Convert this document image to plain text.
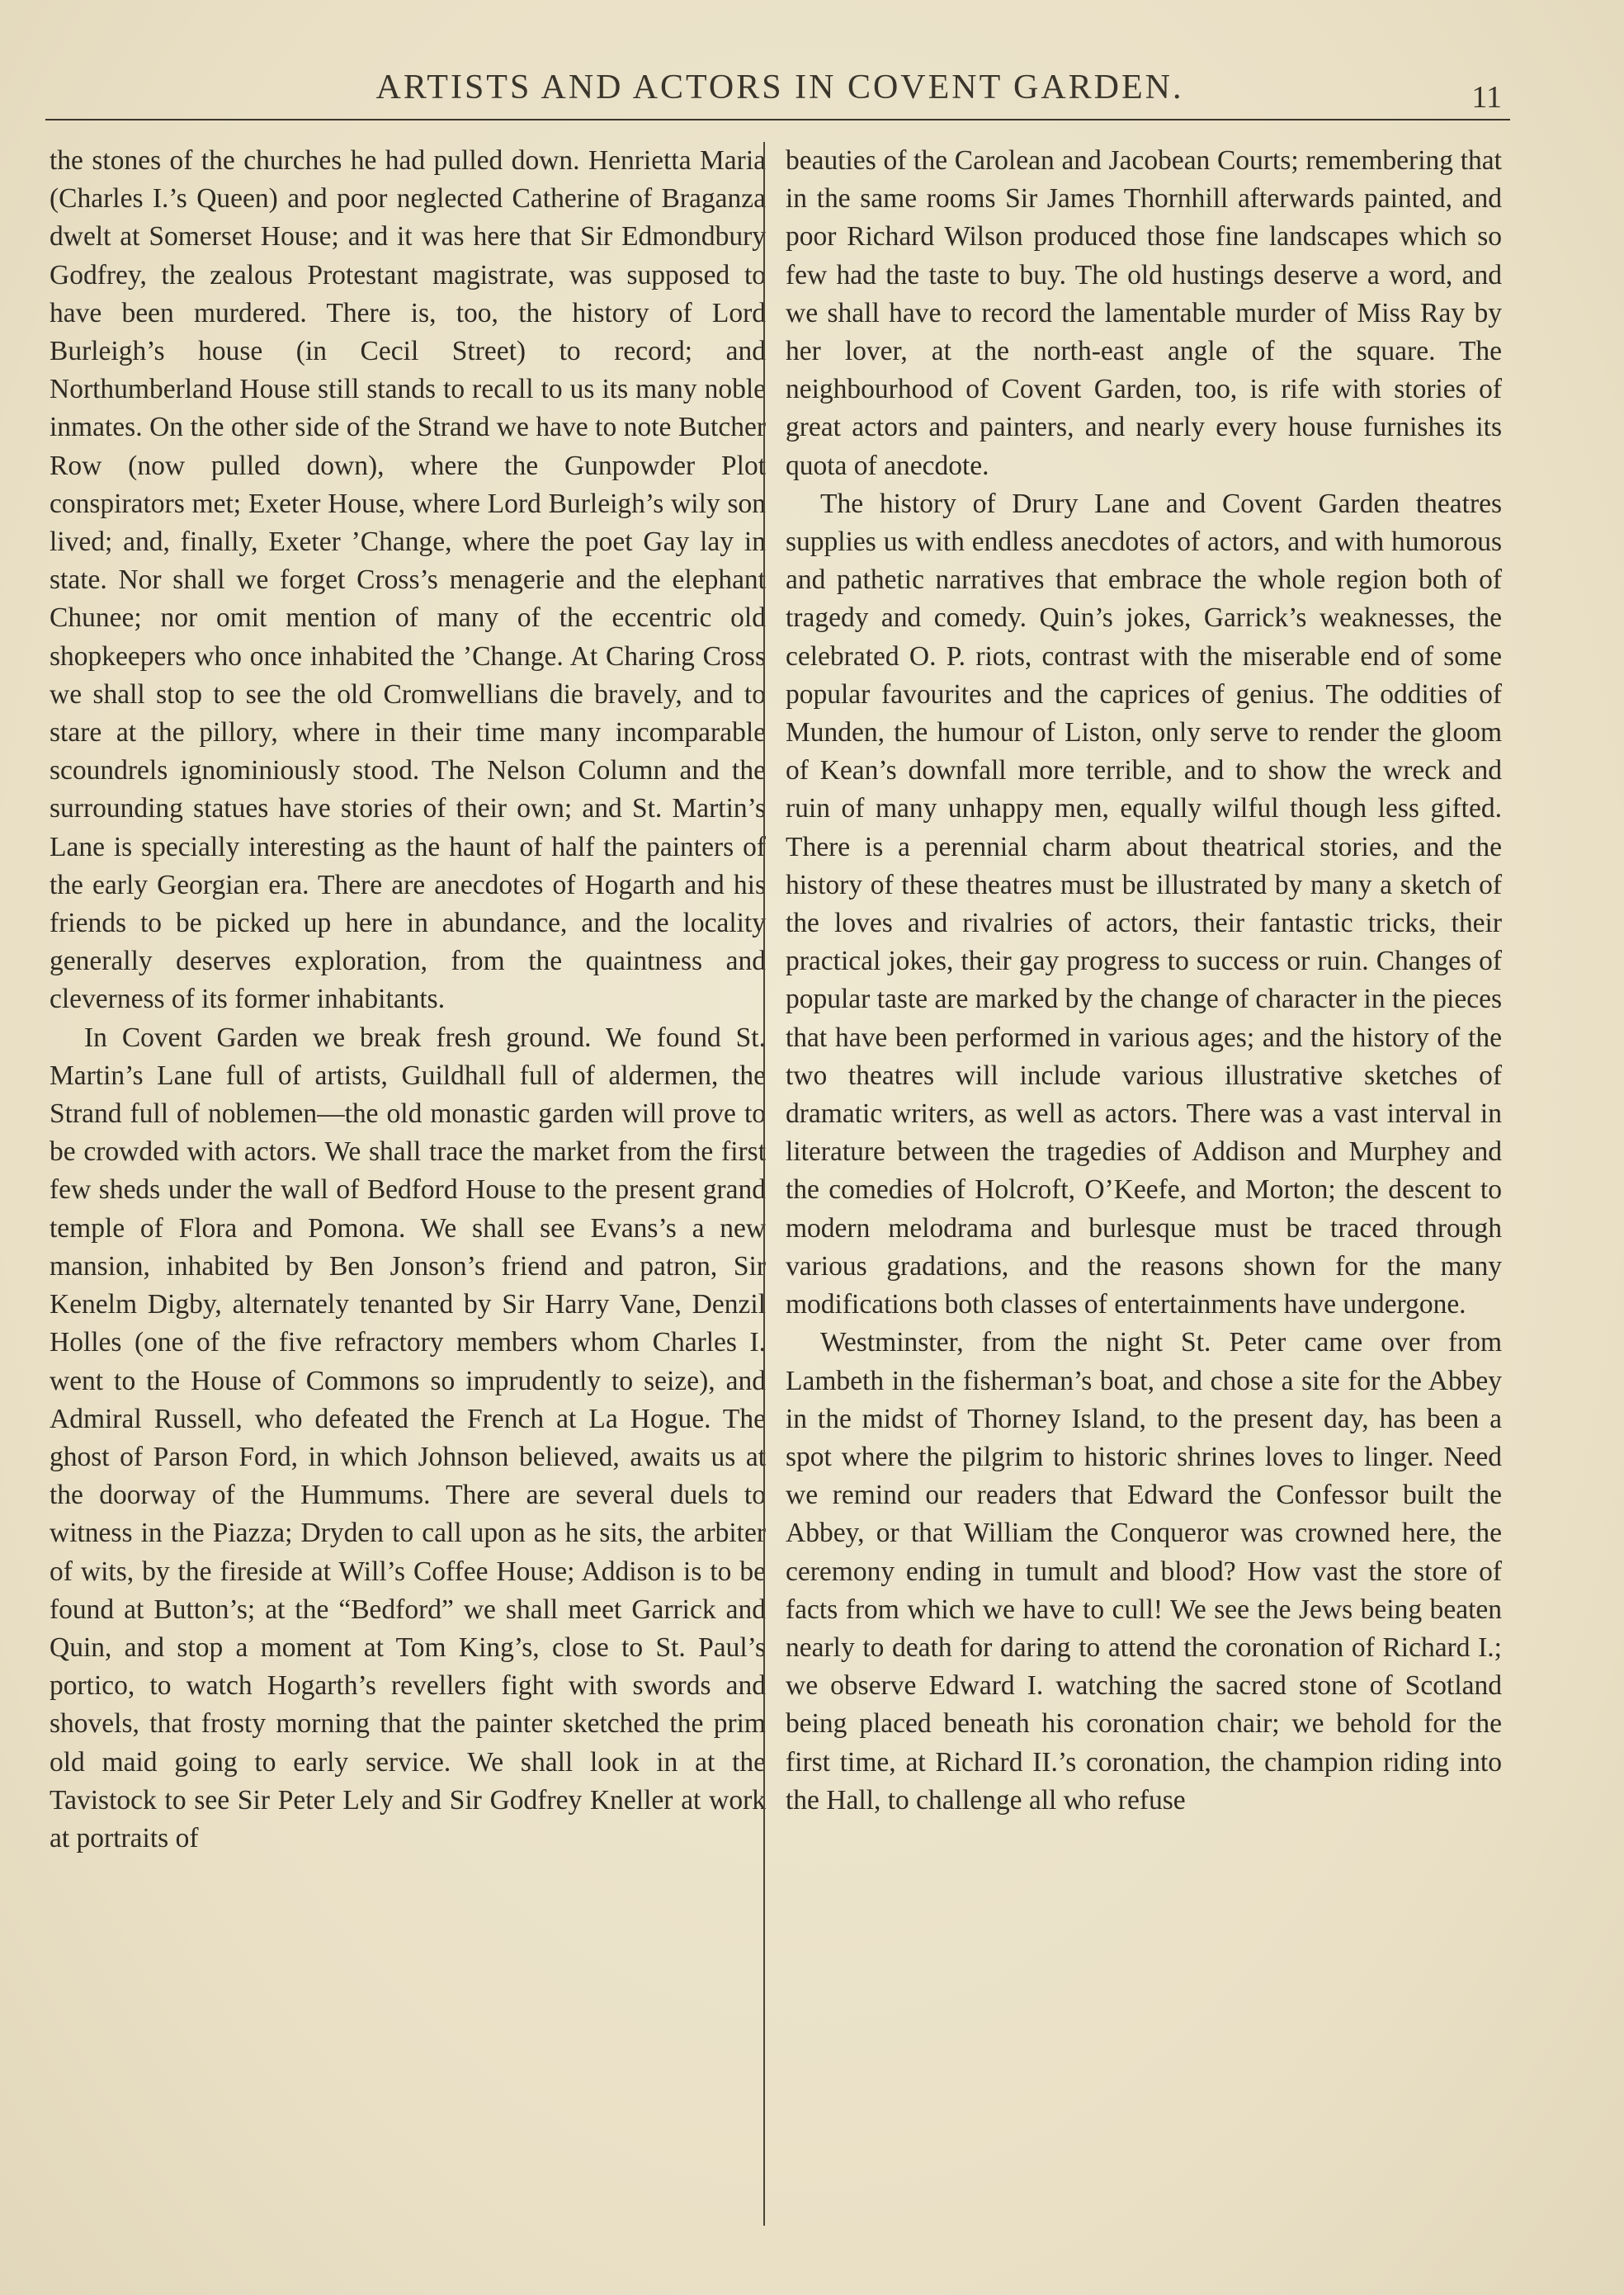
ARTISTS AND ACTORS IN COVENT GARDEN.	11

the stones of the churches he had pulled down. Henrietta Maria (Charles I.’s Queen) and poor neglected Catherine of Braganza dwelt at Somerset House; and it was here that Sir Edmondbury Godfrey, the zealous Protestant magistrate, was supposed to have been murdered. There is, too, the history of Lord Burleigh’s house (in Cecil Street) to record; and Northumberland House still stands to recall to us its many noble inmates. On the other side of the Strand we have to note Butcher Row (now pulled down), where the Gunpowder Plot conspirators met; Exeter House, where Lord Burleigh’s wily son lived; and, finally, Exeter ’Change, where the poet Gay lay in state. Nor shall we forget Cross’s menagerie and the elephant Chunee; nor omit mention of many of the eccentric old shopkeepers who once inhabited the ’Change. At Charing Cross we shall stop to see the old Cromwellians die bravely, and to stare at the pillory, where in their time many incomparable scoundrels ignominiously stood. The Nelson Column and the surrounding statues have stories of their own; and St. Martin’s Lane is specially interesting as the haunt of half the painters of the early Georgian era. There are anecdotes of Hogarth and his friends to be picked up here in abundance, and the locality generally deserves exploration, from the quaintness and cleverness of its former inhabitants.

In Covent Garden we break fresh ground. We found St. Martin’s Lane full of artists, Guildhall full of aldermen, the Strand full of noblemen—the old monastic garden will prove to be crowded with actors. We shall trace the market from the first few sheds under the wall of Bedford House to the present grand temple of Flora and Pomona. We shall see Evans’s a new mansion, inhabited by Ben Jonson’s friend and patron, Sir Kenelm Digby, alternately tenanted by Sir Harry Vane, Denzil Holles (one of the five refractory members whom Charles I. went to the House of Commons so imprudently to seize), and Admiral Russell, who defeated the French at La Hogue. The ghost of Parson Ford, in which Johnson believed, awaits us at the doorway of the Hummums. There are several duels to witness in the Piazza; Dryden to call upon as he sits, the arbiter of wits, by the fireside at Will’s Coffee House; Addison is to be found at Button’s; at the “Bedford” we shall meet Garrick and Quin, and stop a moment at Tom King’s, close to St. Paul’s portico, to watch Hogarth’s revellers fight with swords and shovels, that frosty morning that the painter sketched the prim old maid going to early service. We shall look in at the Tavistock to see Sir Peter Lely and Sir Godfrey Kneller at work at portraits of

beauties of the Carolean and Jacobean Courts; remembering that in the same rooms Sir James Thornhill afterwards painted, and poor Richard Wilson produced those fine landscapes which so few had the taste to buy. The old hustings deserve a word, and we shall have to record the lamentable murder of Miss Ray by her lover, at the north-east angle of the square. The neighbourhood of Covent Garden, too, is rife with stories of great actors and painters, and nearly every house furnishes its quota of anecdote.

The history of Drury Lane and Covent Garden theatres supplies us with endless anecdotes of actors, and with humorous and pathetic narratives that embrace the whole region both of tragedy and comedy. Quin’s jokes, Garrick’s weaknesses, the celebrated O. P. riots, contrast with the miserable end of some popular favourites and the caprices of genius. The oddities of Munden, the humour of Liston, only serve to render the gloom of Kean’s downfall more terrible, and to show the wreck and ruin of many unhappy men, equally wilful though less gifted. There is a perennial charm about theatrical stories, and the history of these theatres must be illustrated by many a sketch of the loves and rivalries of actors, their fantastic tricks, their practical jokes, their gay progress to success or ruin. Changes of popular taste are marked by the change of character in the pieces that have been performed in various ages; and the history of the two theatres will include various illustrative sketches of dramatic writers, as well as actors. There was a vast interval in literature between the tragedies of Addison and Murphey and the comedies of Holcroft, O’Keefe, and Morton; the descent to modern melodrama and burlesque must be traced through various gradations, and the reasons shown for the many modifications both classes of entertainments have undergone.

Westminster, from the night St. Peter came over from Lambeth in the fisherman’s boat, and chose a site for the Abbey in the midst of Thorney Island, to the present day, has been a spot where the pilgrim to historic shrines loves to linger. Need we remind our readers that Edward the Confessor built the Abbey, or that William the Conqueror was crowned here, the ceremony ending in tumult and blood? How vast the store of facts from which we have to cull! We see the Jews being beaten nearly to death for daring to attend the coronation of Richard I.; we observe Edward I. watching the sacred stone of Scotland being placed beneath his coronation chair; we behold for the first time, at Richard II.’s coronation, the champion riding into the Hall, to challenge all who refuse
